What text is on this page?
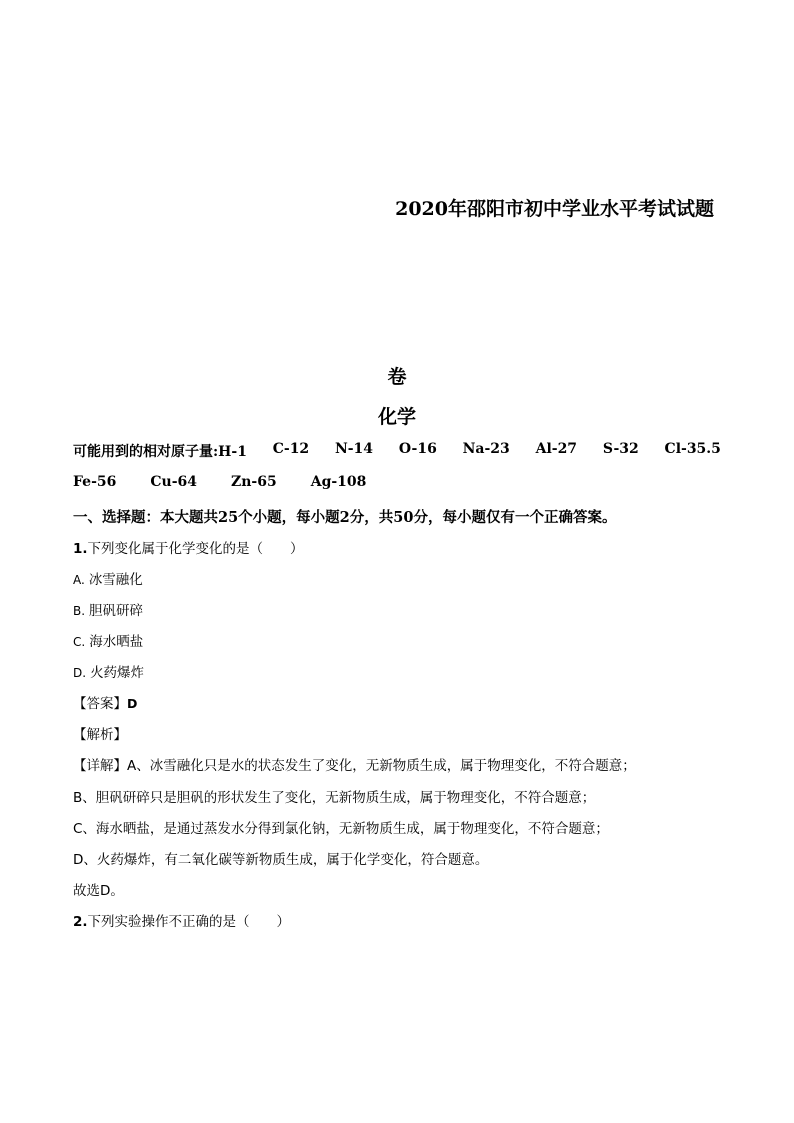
2020年邵阳市初中学业水平考试试题
卷
化学
可能用到的相对原子量:H-1 C-12 N-14 O-16 Na-23 Al-27 S-32 Cl-35.5
Fe-56 Cu-64 Zn-65 Ag-108
一、选择题：本大题共25个小题，每小题2分，共50分，每小题仅有一个正确答案。
1.下列变化属于化学变化的是（　　）
A. 冰雪融化
B. 胆矾研碎
C. 海水晒盐
D. 火药爆炸
【答案】D
【解析】
【详解】A、冰雪融化只是水的状态发生了变化，无新物质生成，属于物理变化，不符合题意；
B、胆矾研碎只是胆矾的形状发生了变化，无新物质生成，属于物理变化，不符合题意；
C、海水晒盐，是通过蒸发水分得到氯化钠，无新物质生成，属于物理变化，不符合题意；
D、火药爆炸，有二氧化碳等新物质生成，属于化学变化，符合题意。
故选D。
2.下列实验操作不正确的是（　　）
